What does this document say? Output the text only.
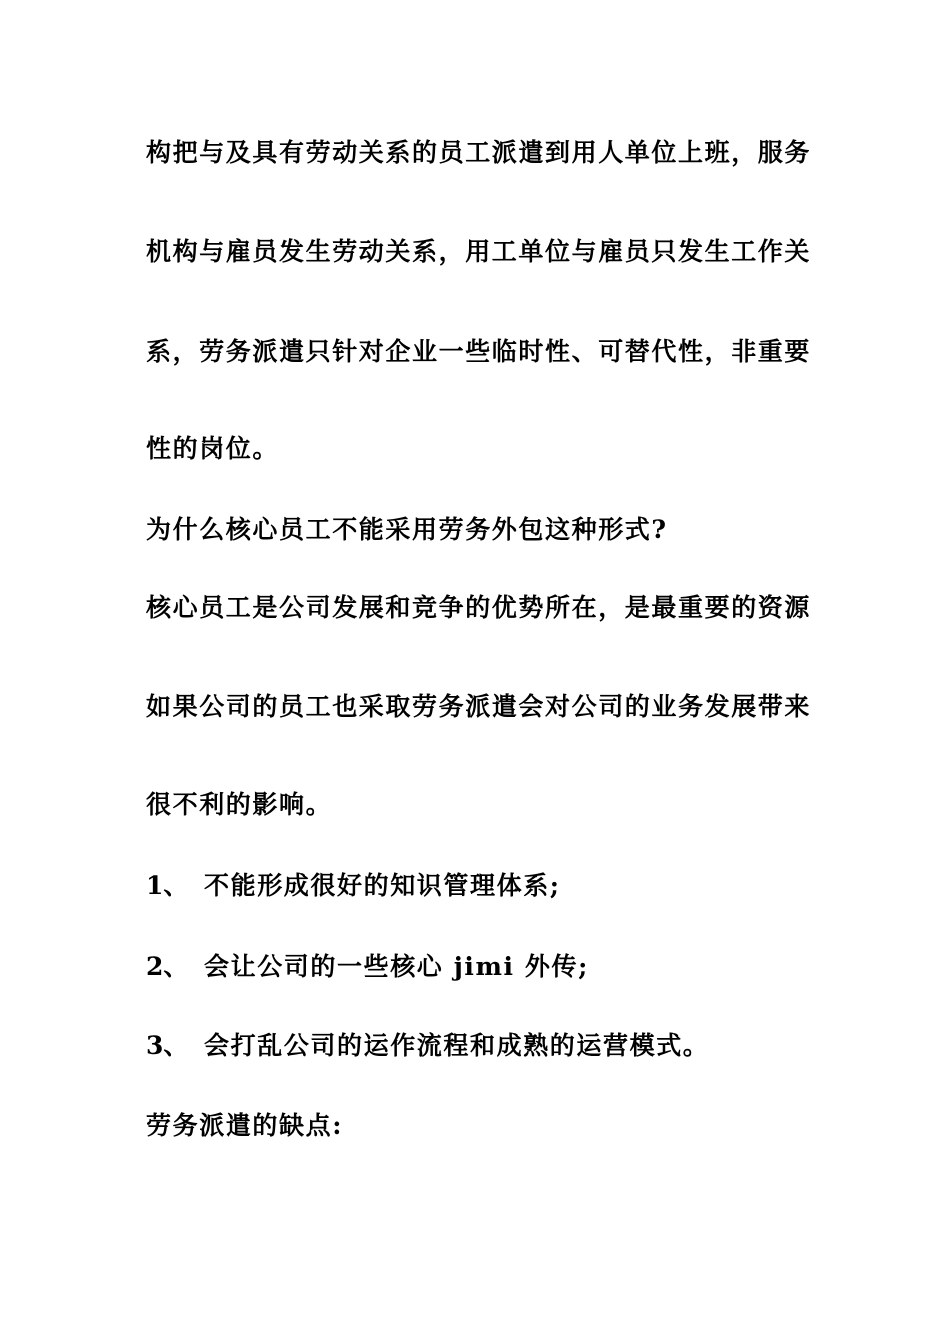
构把与及具有劳动关系的员工派遣到用人单位上班，服务
机构与雇员发生劳动关系，用工单位与雇员只发生工作关
系，劳务派遣只针对企业一些临时性、可替代性，非重要
性的岗位。
为什么核心员工不能采用劳务外包这种形式?
核心员工是公司发展和竞争的优势所在，是最重要的资源
如果公司的员工也采取劳务派遣会对公司的业务发展带来
很不利的影响。
1、 不能形成很好的知识管理体系;
2、 会让公司的一些核心 jimi 外传;
3、 会打乱公司的运作流程和成熟的运营模式。
劳务派遣的缺点:
